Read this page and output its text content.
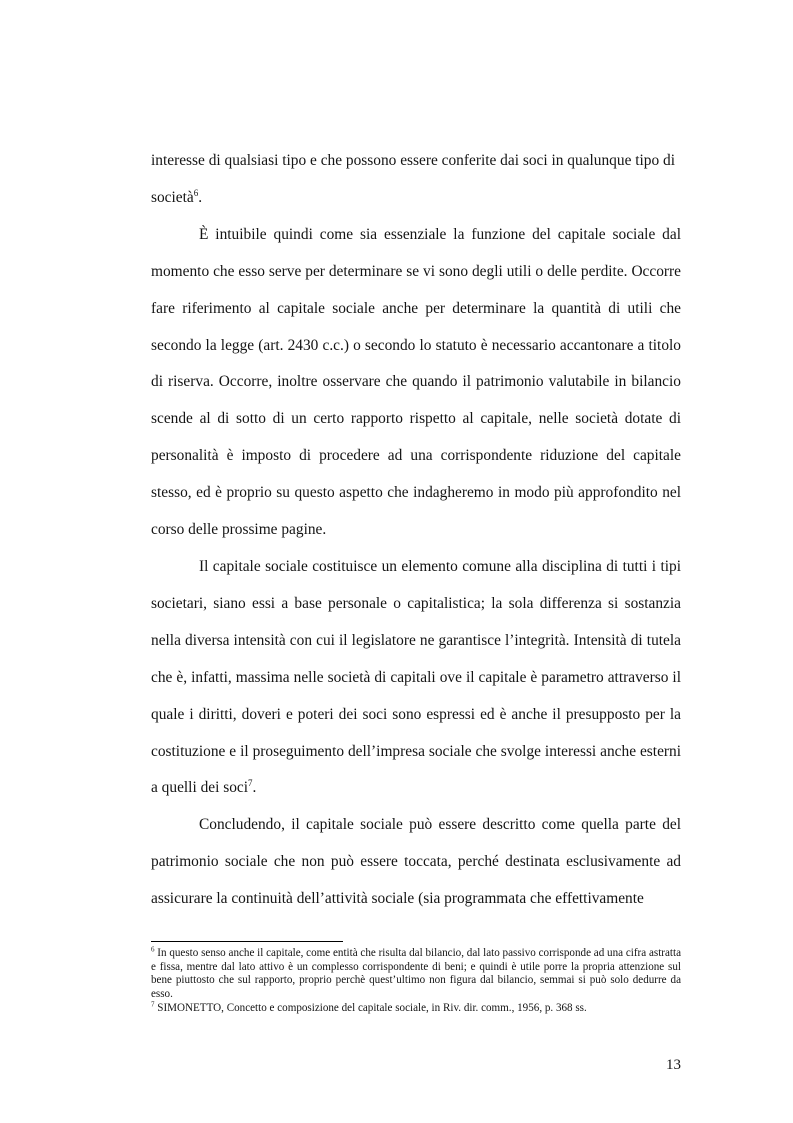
interesse di qualsiasi tipo e che possono essere conferite dai soci in qualunque tipo di società$^6$.

È intuibile quindi come sia essenziale la funzione del capitale sociale dal momento che esso serve per determinare se vi sono degli utili o delle perdite. Occorre fare riferimento al capitale sociale anche per determinare la quantità di utili che secondo la legge (art. 2430 c.c.) o secondo lo statuto è necessario accantonare a titolo di riserva. Occorre, inoltre osservare che quando il patrimonio valutabile in bilancio scende al di sotto di un certo rapporto rispetto al capitale, nelle società dotate di personalità è imposto di procedere ad una corrispondente riduzione del capitale stesso, ed è proprio su questo aspetto che indagheremo in modo più approfondito nel corso delle prossime pagine.

Il capitale sociale costituisce un elemento comune alla disciplina di tutti i tipi societari, siano essi a base personale o capitalistica; la sola differenza si sostanzia nella diversa intensità con cui il legislatore ne garantisce l’integrità. Intensità di tutela che è, infatti, massima nelle società di capitali ove il capitale è parametro attraverso il quale i diritti, doveri e poteri dei soci sono espressi ed è anche il presupposto per la costituzione e il proseguimento dell’impresa sociale che svolge interessi anche esterni a quelli dei soci$^7$.

Concludendo, il capitale sociale può essere descritto come quella parte del patrimonio sociale che non può essere toccata, perché destinata esclusivamente ad assicurare la continuità dell’attività sociale (sia programmata che effettivamente

$^6$ In questo senso anche il capitale, come entità che risulta dal bilancio, dal lato passivo corrisponde ad una cifra astratta e fissa, mentre dal lato attivo è un complesso corrispondente di beni; e quindi è utile porre la propria attenzione sul bene piuttosto che sul rapporto, proprio perchè quest’ultimo non figura dal bilancio, semmai si può solo dedurre da esso.

$^7$ SIMONETTO, Concetto e composizione del capitale sociale, in Riv. dir. comm., 1956, p. 368 ss.

13
